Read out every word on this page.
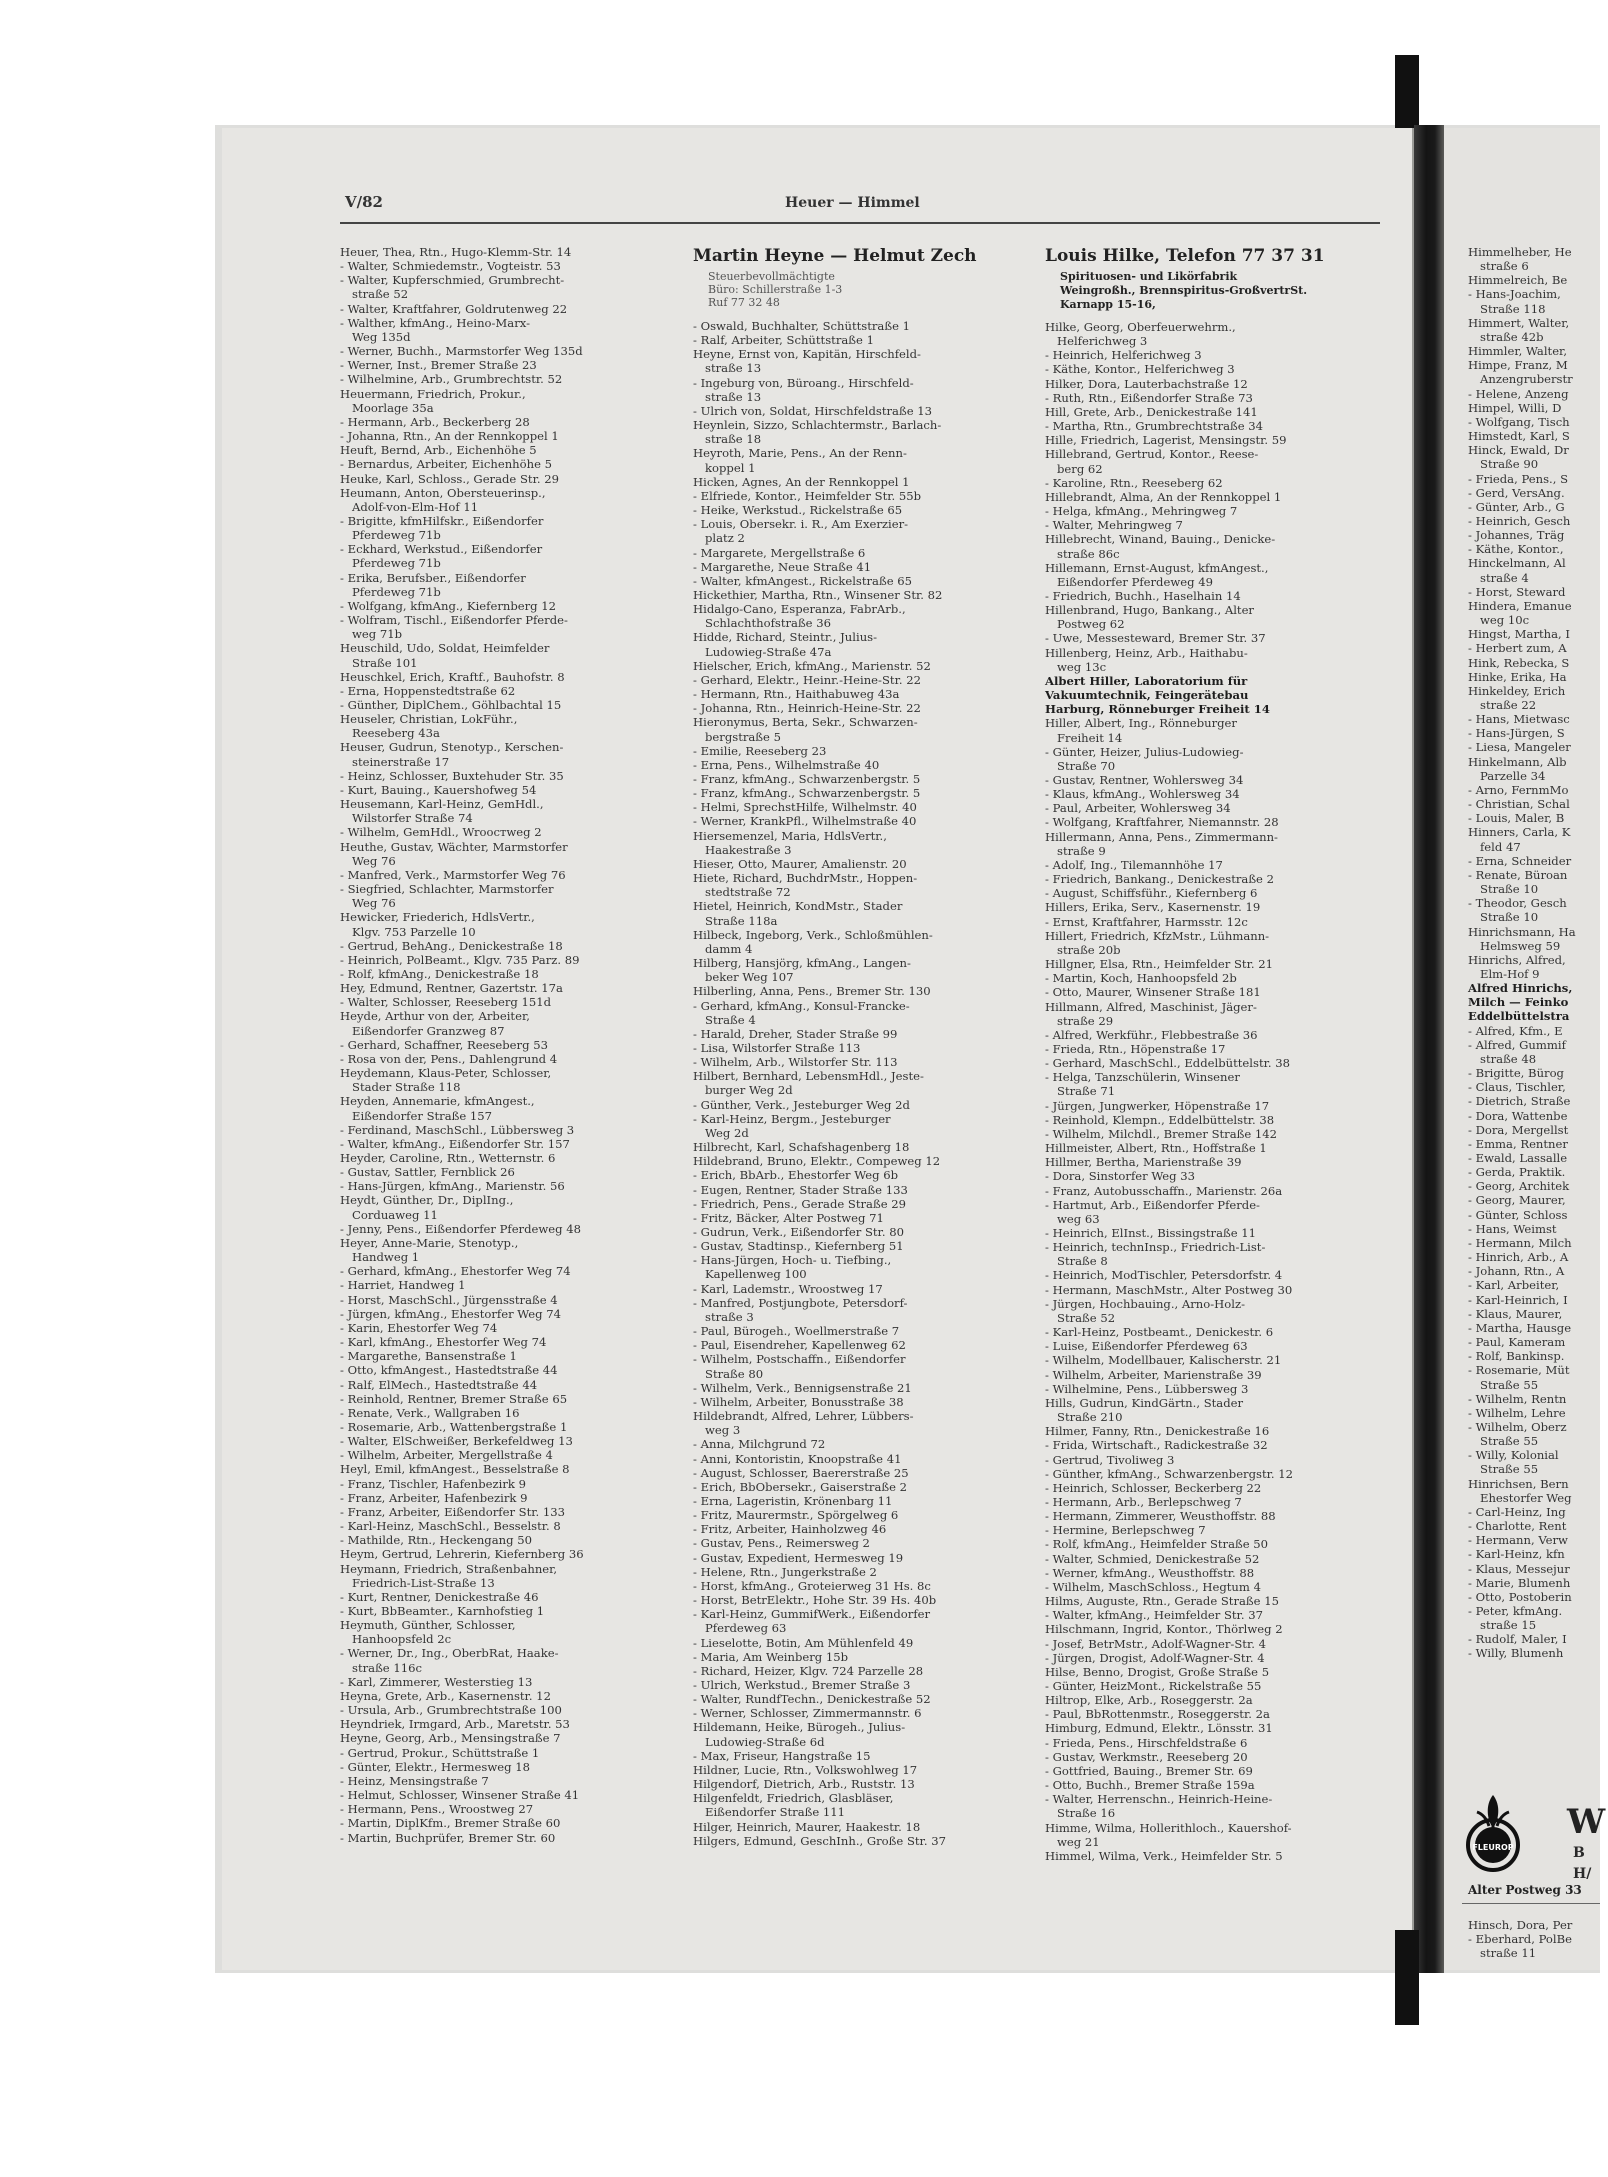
V/82	Heuer — Himmel
Heuer, Thea, Rtn., Hugo-Klemm-Str. 14
- Walter, Schmiedemstr., Vogteistr. 53
- Walter, Kupferschmied, Grumbrecht-
straße 52
- Walter, Kraftfahrer, Goldrutenweg 22
- Walther, kfmAng., Heino-Marx-
Weg 135d
- Werner, Buchh., Marmstorfer Weg 135d
- Werner, Inst., Bremer Straße 23
- Wilhelmine, Arb., Grumbrechtstr. 52
Heuermann, Friedrich, Prokur.,
Moorlage 35a
- Hermann, Arb., Beckerberg 28
- Johanna, Rtn., An der Rennkoppel 1
Heuft, Bernd, Arb., Eichenhöhe 5
- Bernardus, Arbeiter, Eichenhöhe 5
Heuke, Karl, Schloss., Gerade Str. 29
Heumann, Anton, Obersteuerinsp.,
Adolf-von-Elm-Hof 11
- Brigitte, kfmHilfskr., Eißendorfer
Pferdeweg 71b
- Eckhard, Werkstud., Eißendorfer
Pferdeweg 71b
- Erika, Berufsber., Eißendorfer
Pferdeweg 71b
- Wolfgang, kfmAng., Kiefernberg 12
- Wolfram, Tischl., Eißendorfer Pferde-
weg 71b
Heuschild, Udo, Soldat, Heimfelder
Straße 101
Heuschkel, Erich, Kraftf., Bauhofstr. 8
- Erna, Hoppenstedtstraße 62
- Günther, DiplChem., Göhlbachtal 15
Heuseler, Christian, LokFühr.,
Reeseberg 43a
Heuser, Gudrun, Stenotyp., Kerschen-
steinerstraße 17
- Heinz, Schlosser, Buxtehuder Str. 35
- Kurt, Bauing., Kauershofweg 54
Heusemann, Karl-Heinz, GemHdl.,
Wilstorfer Straße 74
- Wilhelm, GemHdl., Wrooстweg 2
Heuthe, Gustav, Wächter, Marmstorfer
Weg 76
- Manfred, Verk., Marmstorfer Weg 76
- Siegfried, Schlachter, Marmstorfer
Weg 76
Hewicker, Friederich, HdlsVertr.,
Klgv. 753 Parzelle 10
- Gertrud, BehAng., Denickestraße 18
- Heinrich, PolBeamt., Klgv. 735 Parz. 89
- Rolf, kfmAng., Denickestraße 18
Hey, Edmund, Rentner, Gazertstr. 17a
- Walter, Schlosser, Reeseberg 151d
Heyde, Arthur von der, Arbeiter,
Eißendorfer Granzweg 87
- Gerhard, Schaffner, Reeseberg 53
- Rosa von der, Pens., Dahlengrund 4
Heydemann, Klaus-Peter, Schlosser,
Stader Straße 118
Heyden, Annemarie, kfmAngest.,
Eißendorfer Straße 157
- Ferdinand, MaschSchl., Lübbersweg 3
- Walter, kfmAng., Eißendorfer Str. 157
Heyder, Caroline, Rtn., Wetternstr. 6
- Gustav, Sattler, Fernblick 26
- Hans-Jürgen, kfmAng., Marienstr. 56
Heydt, Günther, Dr., DiplIng.,
Corduaweg 11
- Jenny, Pens., Eißendorfer Pferdeweg 48
Heyer, Anne-Marie, Stenotyp.,
Handweg 1
- Gerhard, kfmAng., Ehestorfer Weg 74
- Harriet, Handweg 1
- Horst, MaschSchl., Jürgensstraße 4
- Jürgen, kfmAng., Ehestorfer Weg 74
- Karin, Ehestorfer Weg 74
- Karl, kfmAng., Ehestorfer Weg 74
- Margarethe, Bansenstraße 1
- Otto, kfmAngest., Hastedtstraße 44
- Ralf, ElMech., Hastedtstraße 44
- Reinhold, Rentner, Bremer Straße 65
- Renate, Verk., Wallgraben 16
- Rosemarie, Arb., Wattenbergstraße 1
- Walter, ElSchweißer, Berkefeldweg 13
- Wilhelm, Arbeiter, Mergellstraße 4
Heyl, Emil, kfmAngest., Besselstraße 8
- Franz, Tischler, Hafenbezirk 9
- Franz, Arbeiter, Hafenbezirk 9
- Franz, Arbeiter, Eißendorfer Str. 133
- Karl-Heinz, MaschSchl., Besselstr. 8
- Mathilde, Rtn., Heckengang 50
Heym, Gertrud, Lehrerin, Kiefernberg 36
Heymann, Friedrich, Straßenbahner,
Friedrich-List-Straße 13
- Kurt, Rentner, Denickestraße 46
- Kurt, BbBeamter., Karnhofstieg 1
Heymuth, Günther, Schlosser,
Hanhoopsfeld 2c
- Werner, Dr., Ing., OberbRat, Haake-
straße 116c
- Karl, Zimmerer, Westerstieg 13
Heyna, Grete, Arb., Kasernenstr. 12
- Ursula, Arb., Grumbrechtstraße 100
Heyndriek, Irmgard, Arb., Maretstr. 53
Heyne, Georg, Arb., Mensingstraße 7
- Gertrud, Prokur., Schüttstraße 1
- Günter, Elektr., Hermesweg 18
- Heinz, Mensingstraße 7
- Helmut, Schlosser, Winsener Straße 41
- Hermann, Pens., Wroostweg 27
- Martin, DiplKfm., Bremer Straße 60
- Martin, Buchprüfer, Bremer Str. 60
Martin Heyne — Helmut Zech
Steuerbevollmächtigte
Büro: Schillerstraße 1-3
Ruf 77 32 48
- Oswald, Buchhalter, Schüttstraße 1
- Ralf, Arbeiter, Schüttstraße 1
Heyne, Ernst von, Kapitän, Hirschfeld-
straße 13
- Ingeburg von, Büroang., Hirschfeld-
straße 13
- Ulrich von, Soldat, Hirschfeldstraße 13
Heynlein, Sizzo, Schlachtermstr., Barlach-
straße 18
Heyroth, Marie, Pens., An der Renn-
koppel 1
Hicken, Agnes, An der Rennkoppel 1
- Elfriede, Kontor., Heimfelder Str. 55b
- Heike, Werkstud., Rickelstraße 65
- Louis, Obersekr. i. R., Am Exerzier-
platz 2
- Margarete, Mergellstraße 6
- Margarethe, Neue Straße 41
- Walter, kfmAngest., Rickelstraße 65
Hickethier, Martha, Rtn., Winsener Str. 82
Hidalgo-Cano, Esperanza, FabrArb.,
Schlachthofstraße 36
Hidde, Richard, Steintr., Julius-
Ludowieg-Straße 47a
Hielscher, Erich, kfmAng., Marienstr. 52
- Gerhard, Elektr., Heinr.-Heine-Str. 22
- Hermann, Rtn., Haithabuweg 43a
- Johanna, Rtn., Heinrich-Heine-Str. 22
Hieronymus, Berta, Sekr., Schwarzen-
bergstraße 5
- Emilie, Reeseberg 23
- Erna, Pens., Wilhelmstraße 40
- Franz, kfmAng., Schwarzenbergstr. 5
- Franz, kfmAng., Schwarzenbergstr. 5
- Helmi, SprechstHilfe, Wilhelmstr. 40
- Werner, KrankPfl., Wilhelmstraße 40
Hiersemenzel, Maria, HdlsVertr.,
Haakestraße 3
Hieser, Otto, Maurer, Amalienstr. 20
Hiete, Richard, BuchdrMstr., Hoppen-
stedtstraße 72
Hietel, Heinrich, KondMstr., Stader
Straße 118a
Hilbeck, Ingeborg, Verk., Schloßmühlen-
damm 4
Hilberg, Hansjörg, kfmAng., Langen-
beker Weg 107
Hilberling, Anna, Pens., Bremer Str. 130
- Gerhard, kfmAng., Konsul-Francke-
Straße 4
- Harald, Dreher, Stader Straße 99
- Lisa, Wilstorfer Straße 113
- Wilhelm, Arb., Wilstorfer Str. 113
Hilbert, Bernhard, LebensmHdl., Jeste-
burger Weg 2d
- Günther, Verk., Jesteburger Weg 2d
- Karl-Heinz, Bergm., Jesteburger
Weg 2d
Hilbrecht, Karl, Schafshagenberg 18
Hildebrand, Bruno, Elektr., Compeweg 12
- Erich, BbArb., Ehestorfer Weg 6b
- Eugen, Rentner, Stader Straße 133
- Friedrich, Pens., Gerade Straße 29
- Fritz, Bäcker, Alter Postweg 71
- Gudrun, Verk., Eißendorfer Str. 80
- Gustav, Stadtinsp., Kiefernberg 51
- Hans-Jürgen, Hoch- u. Tiefbing.,
Kapellenweg 100
- Karl, Lademstr., Wroostweg 17
- Manfred, Postjungbote, Petersdorf-
straße 3
- Paul, Bürogeh., Woellmerstraße 7
- Paul, Eisendreher, Kapellenweg 62
- Wilhelm, Postschaffn., Eißendorfer
Straße 80
- Wilhelm, Verk., Bennigsenstraße 21
- Wilhelm, Arbeiter, Bonusstraße 38
Hildebrandt, Alfred, Lehrer, Lübbers-
weg 3
- Anna, Milchgrund 72
- Anni, Kontoristin, Knoopstraße 41
- August, Schlosser, Baererstraße 25
- Erich, BbObersekr., Gaiserstraße 2
- Erna, Lageristin, Krönenbarg 11
- Fritz, Maurermstr., Spörgelweg 6
- Fritz, Arbeiter, Hainholzweg 46
- Gustav, Pens., Reimersweg 2
- Gustav, Expedient, Hermesweg 19
- Helene, Rtn., Jungerkstraße 2
- Horst, kfmAng., Groteierweg 31 Hs. 8c
- Horst, BetrElektr., Hohe Str. 39 Hs. 40b
- Karl-Heinz, GummifWerk., Eißendorfer
Pferdeweg 63
- Lieselotte, Botin, Am Mühlenfeld 49
- Maria, Am Weinberg 15b
- Richard, Heizer, Klgv. 724 Parzelle 28
- Ulrich, Werkstud., Bremer Straße 3
- Walter, RundfTechn., Denickestraße 52
- Werner, Schlosser, Zimmermannstr. 6
Hildemann, Heike, Bürogeh., Julius-
Ludowieg-Straße 6d
- Max, Friseur, Hangstraße 15
Hildner, Lucie, Rtn., Volkswohlweg 17
Hilgendorf, Dietrich, Arb., Ruststr. 13
Hilgenfeldt, Friedrich, Glasbläser,
Eißendorfer Straße 111
Hilger, Heinrich, Maurer, Haakestr. 18
Hilgers, Edmund, GeschInh., Große Str. 37
Louis Hilke, Telefon 77 37 31
Spirituosen- und Likörfabrik
Weingroßh., Brennspiritus-GroßvertrSt.
Karnapp 15-16,
Hilke, Georg, Oberfeuerwehrm.,
Helferichweg 3
- Heinrich, Helferichweg 3
- Käthe, Kontor., Helferichweg 3
Hilker, Dora, Lauterbachstraße 12
- Ruth, Rtn., Eißendorfer Straße 73
Hill, Grete, Arb., Denickestraße 141
- Martha, Rtn., Grumbrechtstraße 34
Hille, Friedrich, Lagerist, Mensingstr. 59
Hillebrand, Gertrud, Kontor., Reese-
berg 62
- Karoline, Rtn., Reeseberg 62
Hillebrandt, Alma, An der Rennkoppel 1
- Helga, kfmAng., Mehringweg 7
- Walter, Mehringweg 7
Hillebrecht, Winand, Bauing., Denicke-
straße 86c
Hillemann, Ernst-August, kfmAngest.,
Eißendorfer Pferdeweg 49
- Friedrich, Buchh., Haselhain 14
Hillenbrand, Hugo, Bankang., Alter
Postweg 62
- Uwe, Messesteward, Bremer Str. 37
Hillenberg, Heinz, Arb., Haithabu-
weg 13c
Albert Hiller, Laboratorium für
Vakuumtechnik, Feingerätebau
Harburg, Rönneburger Freiheit 14
Hiller, Albert, Ing., Rönneburger
Freiheit 14
- Günter, Heizer, Julius-Ludowieg-
Straße 70
- Gustav, Rentner, Wohlersweg 34
- Klaus, kfmAng., Wohlersweg 34
- Paul, Arbeiter, Wohlersweg 34
- Wolfgang, Kraftfahrer, Niemannstr. 28
Hillermann, Anna, Pens., Zimmermann-
straße 9
- Adolf, Ing., Tilemannhöhe 17
- Friedrich, Bankang., Denickestraße 2
- August, Schiffsführ., Kiefernberg 6
Hillers, Erika, Serv., Kasernenstr. 19
- Ernst, Kraftfahrer, Harmsstr. 12c
Hillert, Friedrich, KfzMstr., Lühmann-
straße 20b
Hillgner, Elsa, Rtn., Heimfelder Str. 21
- Martin, Koch, Hanhoopsfeld 2b
- Otto, Maurer, Winsener Straße 181
Hillmann, Alfred, Maschinist, Jäger-
straße 29
- Alfred, Werkführ., Flebbestraße 36
- Frieda, Rtn., Höpenstraße 17
- Gerhard, MaschSchl., Eddelbüttelstr. 38
- Helga, Tanzschülerin, Winsener
Straße 71
- Jürgen, Jungwerker, Höpenstraße 17
- Reinhold, Klempn., Eddelbüttelstr. 38
- Wilhelm, Milchdl., Bremer Straße 142
Hillmeister, Albert, Rtn., Hoffstraße 1
Hillmer, Bertha, Marienstraße 39
- Dora, Sinstorfer Weg 33
- Franz, Autobusschaffn., Marienstr. 26a
- Hartmut, Arb., Eißendorfer Pferde-
weg 63
- Heinrich, ElInst., Bissingstraße 11
- Heinrich, technInsp., Friedrich-List-
Straße 8
- Heinrich, ModTischler, Petersdorfstr. 4
- Hermann, MaschMstr., Alter Postweg 30
- Jürgen, Hochbauing., Arno-Holz-
Straße 52
- Karl-Heinz, Postbeamt., Denickestr. 6
- Luise, Eißendorfer Pferdeweg 63
- Wilhelm, Modellbauer, Kalischerstr. 21
- Wilhelm, Arbeiter, Marienstraße 39
- Wilhelmine, Pens., Lübbersweg 3
Hills, Gudrun, KindGärtn., Stader
Straße 210
Hilmer, Fanny, Rtn., Denickestraße 16
- Frida, Wirtschaft., Radickestraße 32
- Gertrud, Tivoliweg 3
- Günther, kfmAng., Schwarzenbergstr. 12
- Heinrich, Schlosser, Beckerberg 22
- Hermann, Arb., Berlepschweg 7
- Hermann, Zimmerer, Weusthoffstr. 88
- Hermine, Berlepschweg 7
- Rolf, kfmAng., Heimfelder Straße 50
- Walter, Schmied, Denickestraße 52
- Werner, kfmAng., Weusthoffstr. 88
- Wilhelm, MaschSchloss., Hegtum 4
Hilms, Auguste, Rtn., Gerade Straße 15
- Walter, kfmAng., Heimfelder Str. 37
Hilschmann, Ingrid, Kontor., Thörlweg 2
- Josef, BetrMstr., Adolf-Wagner-Str. 4
- Jürgen, Drogist, Adolf-Wagner-Str. 4
Hilse, Benno, Drogist, Große Straße 5
- Günter, HeizMont., Rickelstraße 55
Hiltrop, Elke, Arb., Roseggerstr. 2a
- Paul, BbRottenmstr., Roseggerstr. 2a
Himburg, Edmund, Elektr., Lönsstr. 31
- Frieda, Pens., Hirschfeldstraße 6
- Gustav, Werkmstr., Reeseberg 20
- Gottfried, Bauing., Bremer Str. 69
- Otto, Buchh., Bremer Straße 159a
- Walter, Herrenschn., Heinrich-Heine-
Straße 16
Himme, Wilma, Hollerithloch., Kauershof-
weg 21
Himmel, Wilma, Verk., Heimfelder Str. 5
Himmelheber, He
straße 6
Himmelreich, Be
- Hans-Joachim,
Straße 118
Himmert, Walter,
straße 42b
Himmler, Walter,
Himpe, Franz, M
Anzengruberstr
- Helene, Anzeng
Himpel, Willi, D
- Wolfgang, Tisch
Himstedt, Karl, S
Hinck, Ewald, Dr
Straße 90
- Frieda, Pens., S
- Gerd, VersAng.
- Günter, Arb., G
- Heinrich, Gesch
- Johannes, Träg
- Käthe, Kontor.,
Hinckelmann, Al
straße 4
- Horst, Steward
Hindera, Emanue
weg 10c
Hingst, Martha, I
- Herbert zum, A
Hink, Rebecka, S
Hinke, Erika, Ha
Hinkeldey, Erich
straße 22
- Hans, Mietwasc
- Hans-Jürgen, S
- Liesa, Mangeler
Hinkelmann, Alb
Parzelle 34
- Arno, FernmMo
- Christian, Schal
- Louis, Maler, B
Hinners, Carla, K
feld 47
- Erna, Schneider
- Renate, Büroan
Straße 10
- Theodor, Gesch
Straße 10
Hinrichsmann, Ha
Helmsweg 59
Hinrichs, Alfred,
Elm-Hof 9
Alfred Hinrichs,
Milch — Feinko
Eddelbüttelstra
- Alfred, Kfm., E
- Alfred, Gummif
straße 48
- Brigitte, Bürog
- Claus, Tischler,
- Dietrich, Straße
- Dora, Wattenbe
- Dora, Mergellst
- Emma, Rentner
- Ewald, Lassalle
- Gerda, Praktik.
- Georg, Architek
- Georg, Maurer,
- Günter, Schloss
- Hans, Weimst
- Hermann, Milch
- Hinrich, Arb., A
- Johann, Rtn., A
- Karl, Arbeiter,
- Karl-Heinrich, I
- Klaus, Maurer,
- Martha, Hausge
- Paul, Kameram
- Rolf, Bankinsp.
- Rosemarie, Müt
Straße 55
- Wilhelm, Rentn
- Wilhelm, Lehre
- Wilhelm, Oberz
Straße 55
- Willy, Kolonial
Straße 55
Hinrichsen, Bern
Ehestorfer Weg
- Carl-Heinz, Ing
- Charlotte, Rent
- Hermann, Verw
- Karl-Heinz, kfn
- Klaus, Messejur
- Marie, Blumenh
- Otto, Postoberin
- Peter, kfmAng.
straße 15
- Rudolf, Maler, I
- Willy, Blumenh
FLEUROP
W
B
H/
Alter Postweg 33
Hinsch, Dora, Per
- Eberhard, PolBe
straße 11
